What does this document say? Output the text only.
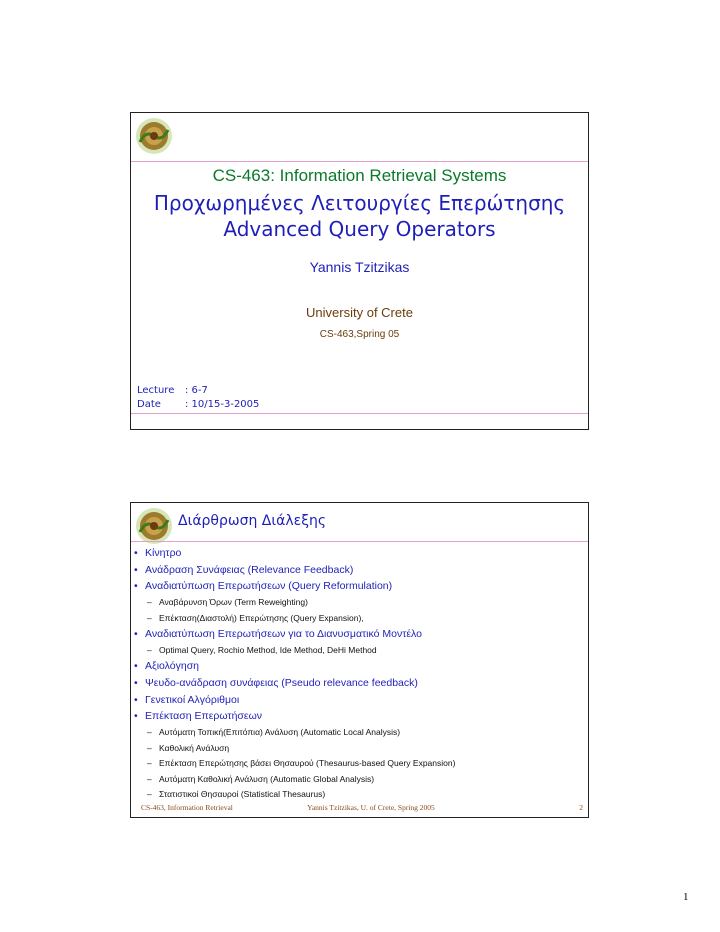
CS-463: Information Retrieval Systems
Προχωρημένες Λειτουργίες Επερώτησης
Advanced Query Operators
Yannis Tzitzikas
University of Crete
CS-463,Spring 05
Lecture : 6-7
Date : 10/15-3-2005
Διάρθρωση Διάλεξης
• Κίνητρο
• Ανάδραση Συνάφειας (Relevance Feedback)
• Αναδιατύπωση Επερωτήσεων (Query Reformulation)
– Αναβάρυνση Όρων (Term Reweighting)
– Επέκταση(Διαστολή) Επερώτησης (Query Expansion),
• Αναδιατύπωση Επερωτήσεων για το Διανυσματικό Μοντέλο
– Optimal Query, Rochio Method, Ide Method, DeHi Method
• Αξιολόγηση
• Ψευδο-ανάδραση συνάφειας (Pseudo relevance feedback)
• Γενετικοί Αλγόριθμοι
• Επέκταση Επερωτήσεων
– Αυτόματη Τοπική(Επιτόπια) Ανάλυση (Automatic Local Analysis)
– Καθολική Ανάλυση
– Επέκταση Επερώτησης βάσει Θησαυρού (Thesaurus-based Query Expansion)
– Αυτόματη Καθολική Ανάλυση (Automatic Global Analysis)
– Στατιστικοί Θησαυροί (Statistical Thesaurus)
CS-463, Information Retrieval	Yannis Tzitzikas, U. of Crete, Spring 2005	2
1
